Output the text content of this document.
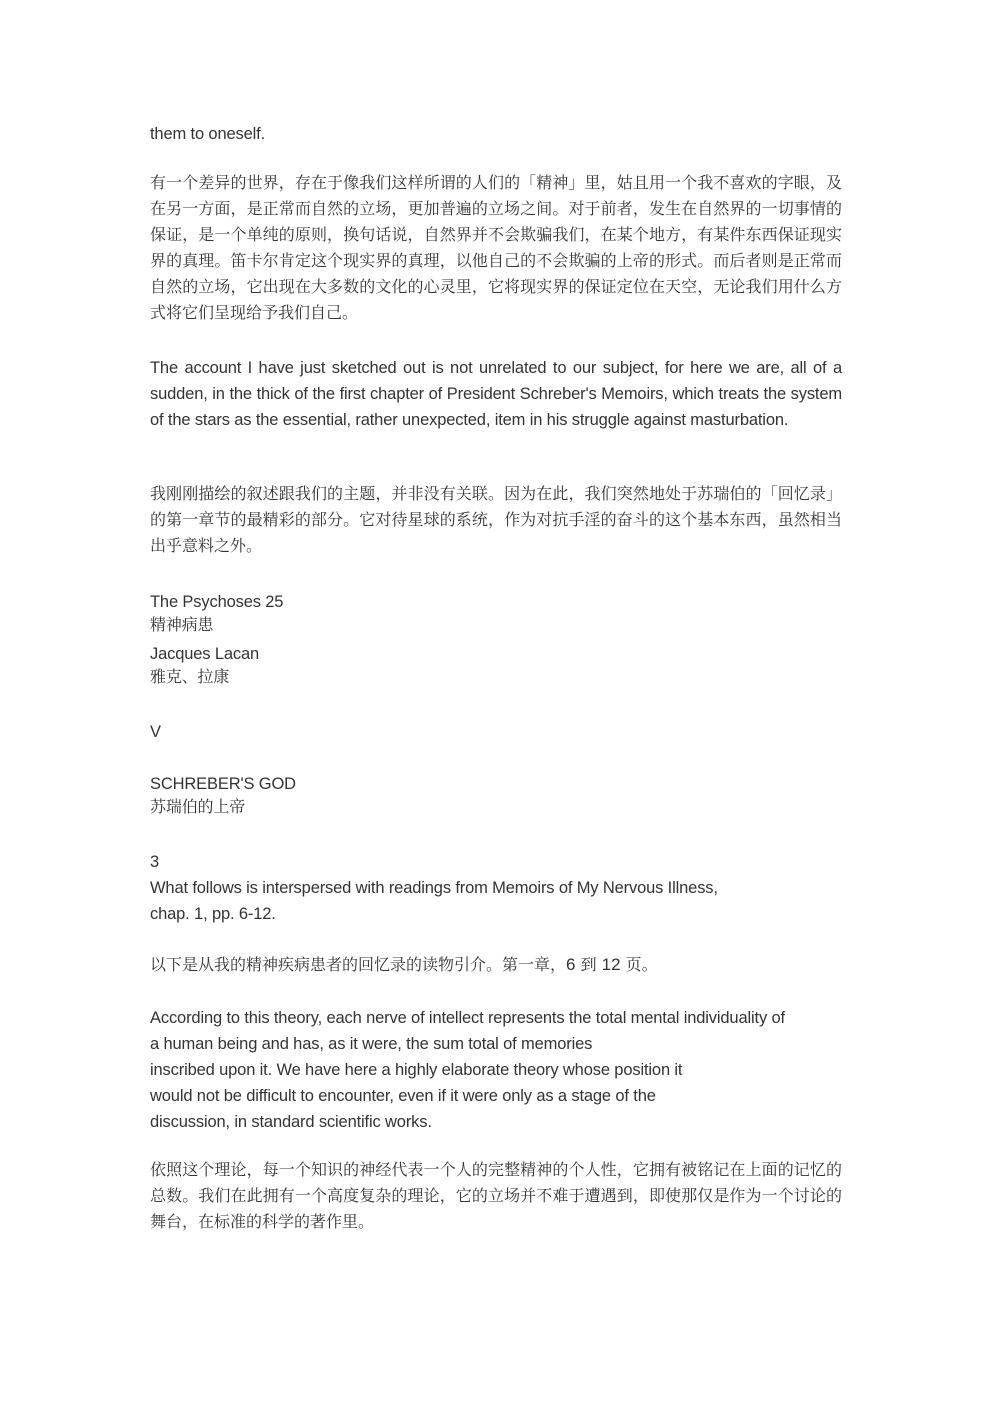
them to oneself.

有一个差异的世界，存在于像我们这样所谓的人们的「精神」里，姑且用一个我不喜欢的字眼，及在另一方面，是正常而自然的立场，更加普遍的立场之间。对于前者，发生在自然界的一切事情的保证，是一个单纯的原则，换句话说，自然界并不会欺骗我们，在某个地方，有某件东西保证现实界的真理。笛卡尔肯定这个现实界的真理，以他自己的不会欺骗的上帝的形式。而后者则是正常而自然的立场，它出现在大多数的文化的心灵里，它将现实界的保证定位在天空，无论我们用什么方式将它们呈现给予我们自己。

The account I have just sketched out is not unrelated to our subject, for here we are, all of a sudden, in the thick of the first chapter of President Schreber's Memoirs, which treats the system of the stars as the essential, rather unexpected, item in his struggle against masturbation.

我刚刚描绘的叙述跟我们的主题，并非没有关联。因为在此，我们突然地处于苏瑞伯的「回忆录」的第一章节的最精彩的部分。它对待星球的系统，作为对抗手淫的奋斗的这个基本东西，虽然相当出乎意料之外。

The Psychoses 25
精神病患
Jacques Lacan
雅克、拉康

V

SCHREBER'S GOD
苏瑞伯的上帝
3
What follows is interspersed with readings from Memoirs of My Nervous Illness,
chap. 1, pp. 6-12.

以下是从我的精神疾病患者的回忆录的读物引介。第一章，6 到 12 页。

According to this theory, each nerve of intellect represents the total mental individuality of
a human being and has, as it were, the sum total of memories
inscribed upon it. We have here a highly elaborate theory whose position it
would not be difficult to encounter, even if it were only as a stage of the
discussion, in standard scientific works.

依照这个理论，每一个知识的神经代表一个人的完整精神的个人性，它拥有被铭记在上面的记忆的总数。我们在此拥有一个高度复杂的理论，它的立场并不难于遭遇到，即使那仅是作为一个讨论的舞台，在标准的科学的著作里。
